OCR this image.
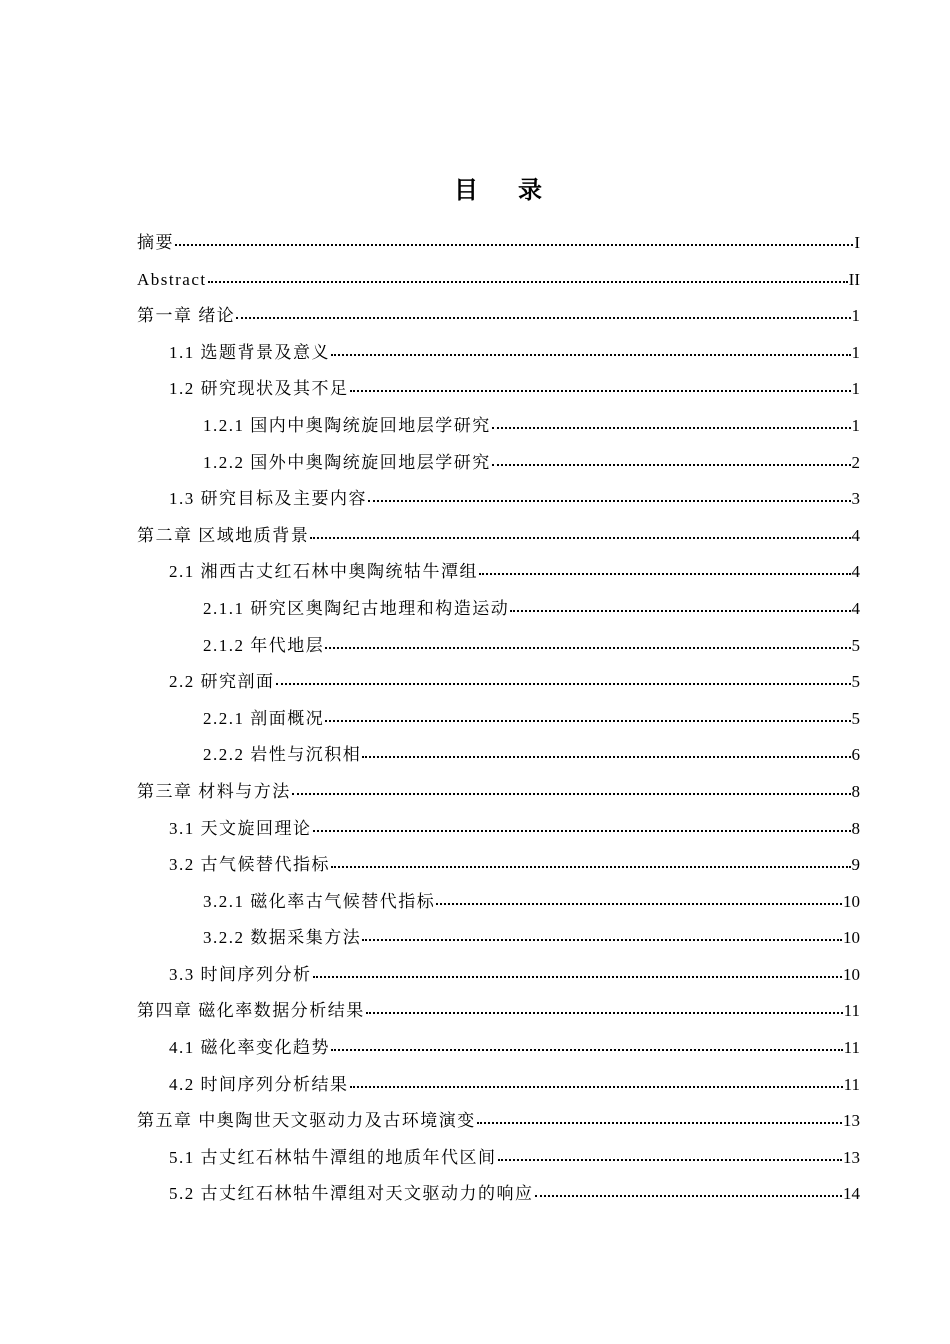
目 录
摘要	I
Abstract	II
第一章 绪论	1
1.1 选题背景及意义	1
1.2 研究现状及其不足	1
1.2.1 国内中奥陶统旋回地层学研究	1
1.2.2 国外中奥陶统旋回地层学研究	2
1.3 研究目标及主要内容	3
第二章 区域地质背景	4
2.1 湘西古丈红石林中奥陶统牯牛潭组	4
2.1.1 研究区奥陶纪古地理和构造运动	4
2.1.2 年代地层	5
2.2 研究剖面	5
2.2.1 剖面概况	5
2.2.2 岩性与沉积相	6
第三章 材料与方法	8
3.1 天文旋回理论	8
3.2 古气候替代指标	9
3.2.1 磁化率古气候替代指标	10
3.2.2 数据采集方法	10
3.3 时间序列分析	10
第四章 磁化率数据分析结果	11
4.1 磁化率变化趋势	11
4.2 时间序列分析结果	11
第五章 中奥陶世天文驱动力及古环境演变	13
5.1 古丈红石林牯牛潭组的地质年代区间	13
5.2 古丈红石林牯牛潭组对天文驱动力的响应	14
